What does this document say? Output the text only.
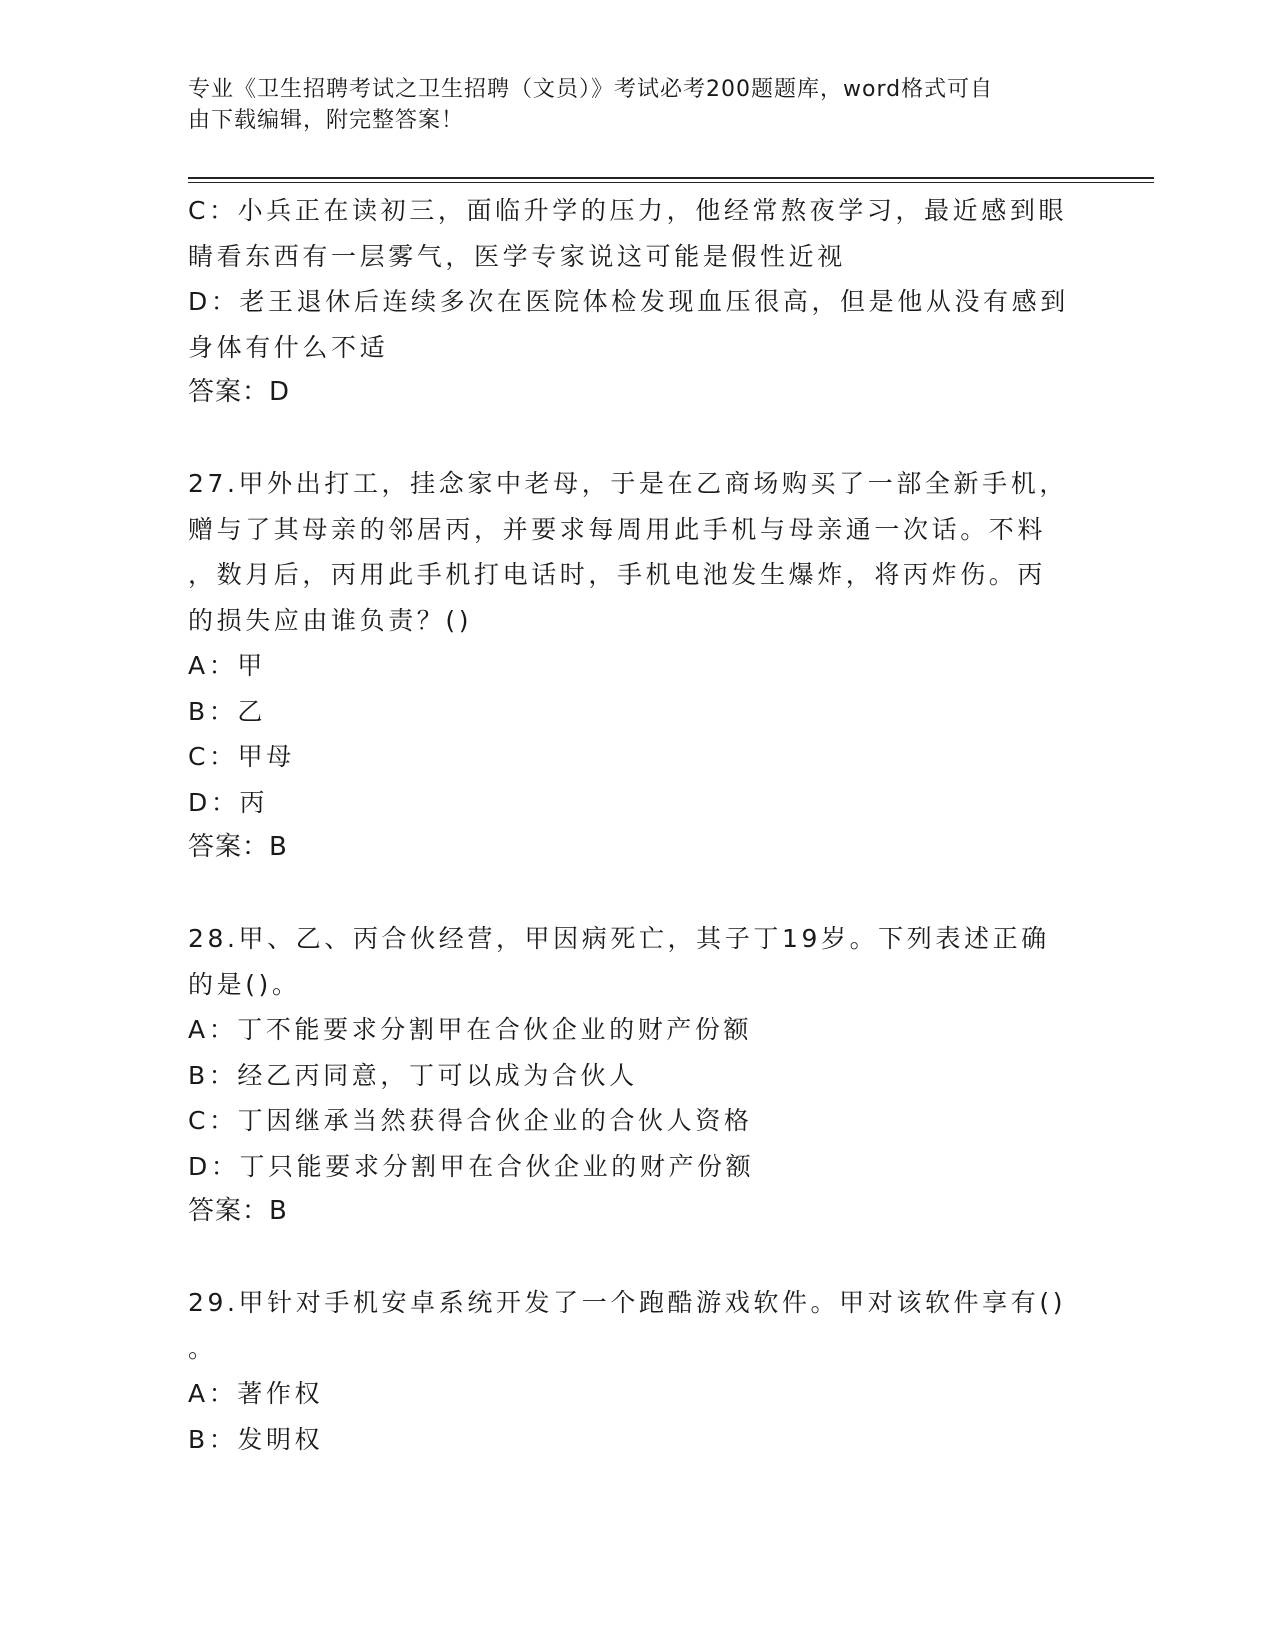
专业《卫生招聘考试之卫生招聘（文员）》考试必考200题题库，word格式可自
由下载编辑，附完整答案！
C：小兵正在读初三，面临升学的压力，他经常熬夜学习，最近感到眼
睛看东西有一层雾气，医学专家说这可能是假性近视
D：老王退休后连续多次在医院体检发现血压很高，但是他从没有感到
身体有什么不适
答案：D
27.甲外出打工，挂念家中老母，于是在乙商场购买了一部全新手机，
赠与了其母亲的邻居丙，并要求每周用此手机与母亲通一次话。不料
，数月后，丙用此手机打电话时，手机电池发生爆炸，将丙炸伤。丙
的损失应由谁负责？()
A：甲
B：乙
C：甲母
D：丙
答案：B
28.甲、乙、丙合伙经营，甲因病死亡，其子丁19岁。下列表述正确
的是()。
A：丁不能要求分割甲在合伙企业的财产份额
B：经乙丙同意，丁可以成为合伙人
C：丁因继承当然获得合伙企业的合伙人资格
D：丁只能要求分割甲在合伙企业的财产份额
答案：B
29.甲针对手机安卓系统开发了一个跑酷游戏软件。甲对该软件享有()
。
A：著作权
B：发明权
